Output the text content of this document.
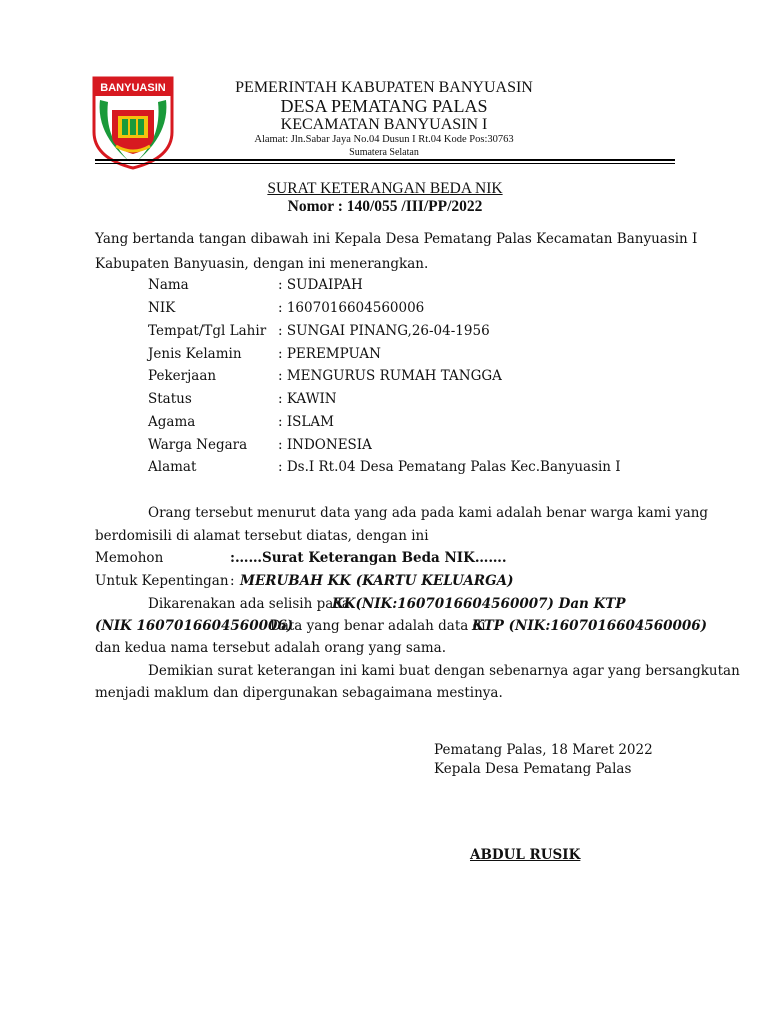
BANYUASIN	PEMERINTAH KABUPATEN BANYUASIN
DESA PEMATANG PALAS
KECAMATAN BANYUASIN I
Alamat: Jln.Sabar Jaya No.04 Dusun I Rt.04 Kode Pos:30763
Sumatera Selatan
SURAT KETERANGAN BEDA NIK
Nomor : 140/055 /III/PP/2022
Yang bertanda tangan dibawah ini Kepala Desa Pematang Palas Kecamatan Banyuasin I
Kabupaten Banyuasin, dengan ini menerangkan.
Nama	: SUDAIPAH
NIK	: 1607016604560006
Tempat/Tgl Lahir : SUNGAI PINANG,26-04-1956
Jenis Kelamin	: PEREMPUAN
Pekerjaan	: MENGURUS RUMAH TANGGA
Status	: KAWIN
Agama	: ISLAM
Warga Negara : INDONESIA
Alamat	: Ds.I Rt.04 Desa Pematang Palas Kec.Banyuasin I
Orang tersebut menurut data yang ada pada kami adalah benar warga kami yang
berdomisili di alamat tersebut diatas, dengan ini
Memohon	:……Surat Keterangan Beda NIK…….
Untuk Kepentingan : MERUBAH KK (KARTU KELUARGA)
Dikarenakan ada selisih pada
KK(NIK:1607016604560007) Dan KTP
(NIK 1607016604560006)
Data yang benar adalah data di
KTP (NIK:1607016604560006)
dan kedua nama tersebut adalah orang yang sama.
Demikian surat keterangan ini kami buat dengan sebenarnya agar yang bersangkutan
menjadi maklum dan dipergunakan sebagaimana mestinya.
Pematang Palas, 18 Maret 2022
Kepala Desa Pematang Palas
ABDUL RUSIK
